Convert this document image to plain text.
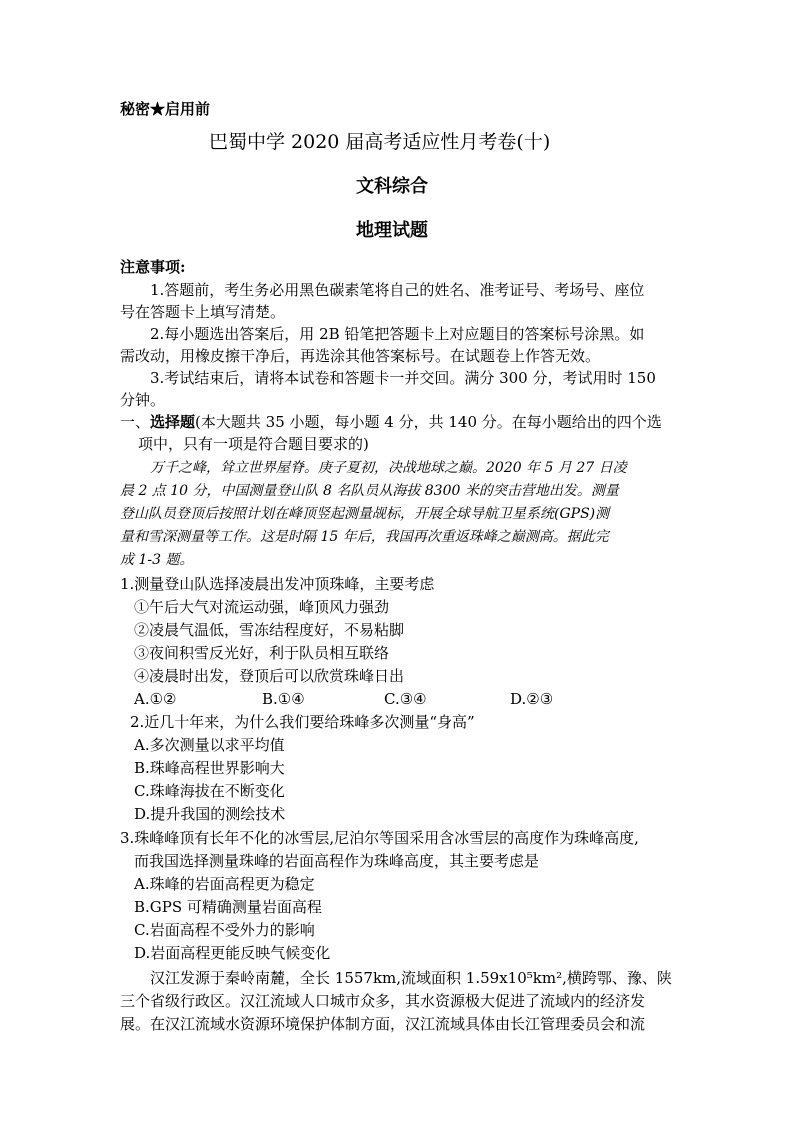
秘密★启用前
巴蜀中学 2020 届高考适应性月考卷(十)
文科综合
地理试题
注意事项:
1.答题前，考生务必用黑色碳素笔将自己的姓名、准考证号、考场号、座位
号在答题卡上填写清楚。
2.每小题选出答案后，用 2B 铅笔把答题卡上对应题目的答案标号涂黑。如
需改动，用橡皮擦干净后，再选涂其他答案标号。在试题卷上作答无效。
3.考试结束后，请将本试卷和答题卡一并交回。满分 300 分，考试用时 150
分钟。
一、选择题(本大题共 35 小题，每小题 4 分，共 140 分。在每小题给出的四个选
项中，只有一项是符合题目要求的)
万千之峰，耸立世界屋脊。庚子夏初，决战地球之巅。2020 年 5 月 27 日凌
晨 2 点 10 分，中国测量登山队 8 名队员从海拔 8300 米的突击营地出发。测量
登山队员登顶后按照计划在峰顶竖起测量觇标，开展全球导航卫星系统(GPS)测
量和雪深测量等工作。这是时隔 15 年后，我国再次重返珠峰之巅测高。据此完
成 1-3 题。
1.测量登山队选择凌晨出发冲顶珠峰，主要考虑
①午后大气对流运动强，峰顶风力强劲
②凌晨气温低，雪冻结程度好，不易粘脚
③夜间积雪反光好，利于队员相互联络
④凌晨时出发，登顶后可以欣赏珠峰日出
A.①②	B.①④	C.③④	D.②③
2.近几十年来，为什么我们要给珠峰多次测量“身高”
A.多次测量以求平均值
B.珠峰高程世界影响大
C.珠峰海拔在不断变化
D.提升我国的测绘技术
3.珠峰峰顶有长年不化的冰雪层,尼泊尔等国采用含冰雪层的高度作为珠峰高度,
而我国选择测量珠峰的岩面高程作为珠峰高度，其主要考虑是
A.珠峰的岩面高程更为稳定
B.GPS 可精确测量岩面高程
C.岩面高程不受外力的影响
D.岩面高程更能反映气候变化
汉江发源于秦岭南麓，全长 1557km,流域面积 1.59x10⁵km²,横跨鄂、豫、陕
三个省级行政区。汉江流域人口城市众多，其水资源极大促进了流域内的经济发
展。在汉江流域水资源环境保护体制方面，汉江流域具体由长江管理委员会和流
